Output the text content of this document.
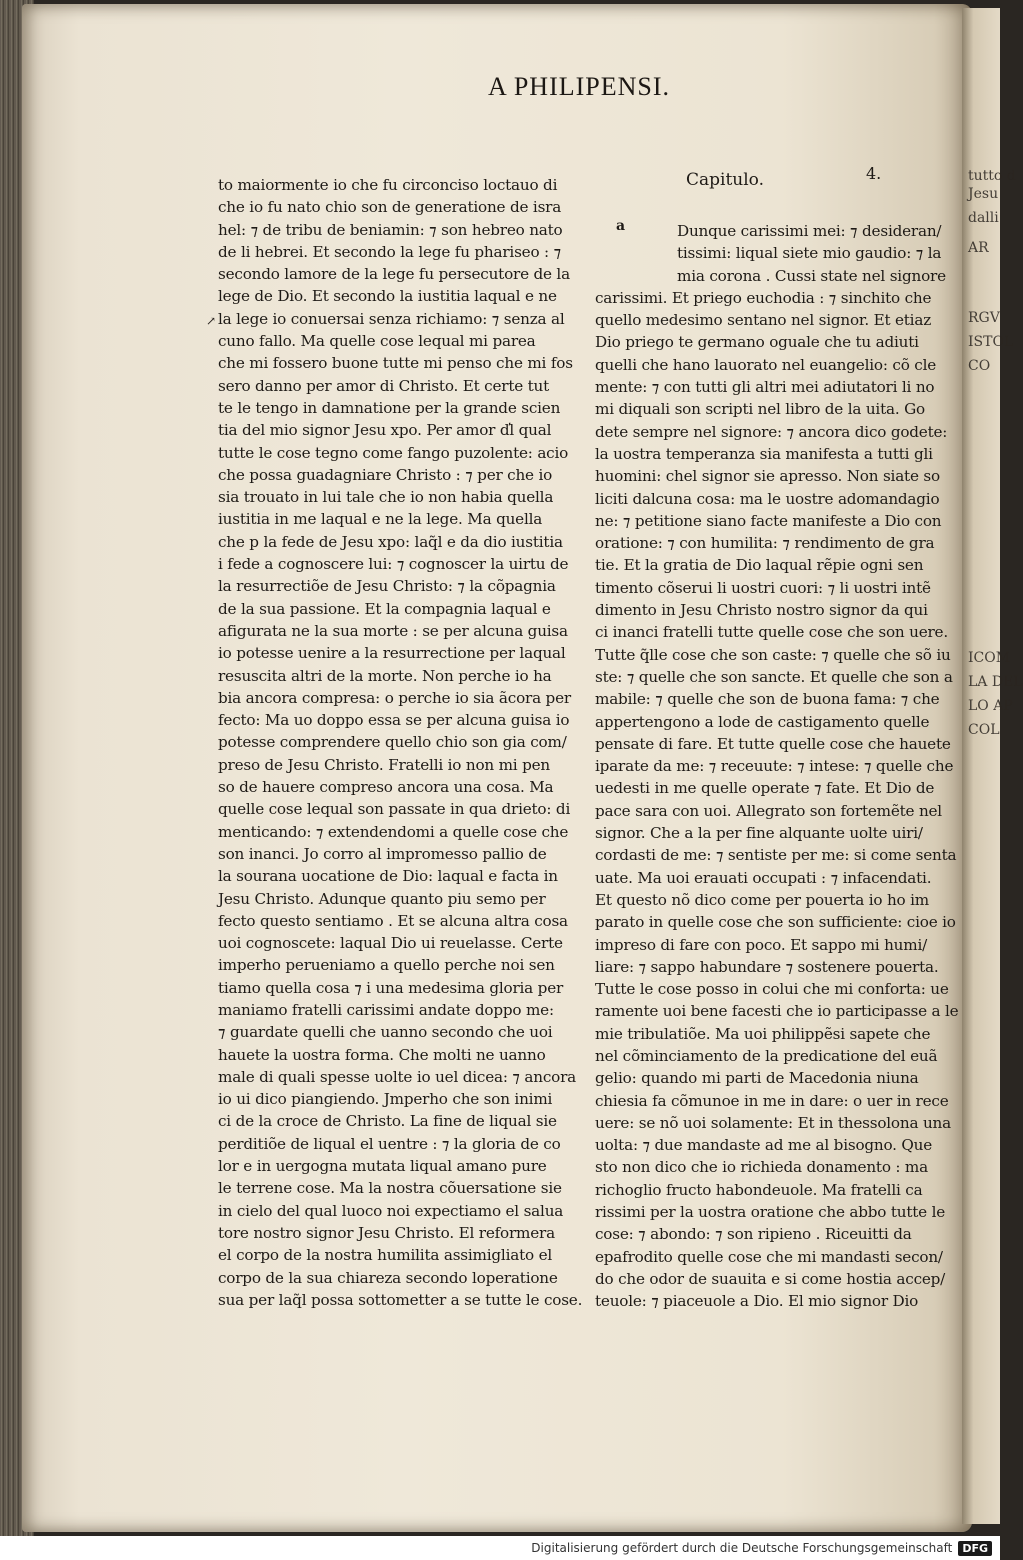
tutto d
Jesu
dalli
AR
RGV
ISTOL
CO
ICOM
LA DEL
LO AP
COL
A PHILIPENSI.
↗
to maiormente io che fu circonciso loctauo di
che io fu nato chio son de generatione de isra
hel: ⁊ de tribu de beniamin: ⁊ son hebreo nato
de li hebrei. Et secondo la lege fu phariseo : ⁊
secondo lamore de la lege fu persecutore de la
lege de Dio. Et secondo la iustitia laqual e ne
la lege io conuersai senza richiamo: ⁊ senza al
cuno fallo. Ma quelle cose lequal mi parea
che mi fossero buone tutte mi penso che mi fos
sero danno per amor di Christo. Et certe tut
te le tengo in damnatione per la grande scien
tia del mio signor Jesu xpo. Per amor d̕l qual
tutte le cose tegno come fango puzolente: acio
che possa guadagniare Christo : ⁊ per che io
sia trouato in lui tale che io non habia quella
iustitia in me laqual e ne la lege. Ma quella
che p la fede de Jesu xpo: laq̃l e da dio iustitia
i fede a cognoscere lui: ⁊ cognoscer la uirtu de
la resurrectiõe de Jesu Christo: ⁊ la cõpagnia
de la sua passione. Et la compagnia laqual e
afigurata ne la sua morte : se per alcuna guisa
io potesse uenire a la resurrectione per laqual
resuscita altri de la morte. Non perche io ha
bia ancora compresa: o perche io sia ãcora per
fecto: Ma uo doppo essa se per alcuna guisa io
potesse comprendere quello chio son gia com/
preso de Jesu Christo. Fratelli io non mi pen
so de hauere compreso ancora una cosa. Ma
quelle cose lequal son passate in qua drieto: di
menticando: ⁊ extendendomi a quelle cose che
son inanci. Jo corro al impromesso pallio de
la sourana uocatione de Dio: laqual e facta in
Jesu Christo. Adunque quanto piu semo per
fecto questo sentiamo . Et se alcuna altra cosa
uoi cognoscete: laqual Dio ui reuelasse. Certe
imperho perueniamo a quello perche noi sen
tiamo quella cosa ⁊ i una medesima gloria per
maniamo fratelli carissimi andate doppo me:
⁊ guardate quelli che uanno secondo che uoi
hauete la uostra forma. Che molti ne uanno
male di quali spesse uolte io uel dicea: ⁊ ancora
io ui dico piangiendo. Jmperho che son inimi
ci de la croce de Christo. La fine de liqual sie
perditiõe de liqual el uentre : ⁊ la gloria de co
lor e in uergogna mutata liqual amano pure
le terrene cose. Ma la nostra cõuersatione sie
in cielo del qual luoco noi expectiamo el salua
tore nostro signor Jesu Christo. El reformera
el corpo de la nostra humilita assimigliato el
corpo de la sua chiareza secondo loperatione
sua per laq̃l possa sottometter a se tutte le cose.
Capitulo.	4.
a	Dunque carissimi mei: ⁊ desideran/
tissimi: liqual siete mio gaudio: ⁊ la
mia corona . Cussi state nel signore
carissimi. Et priego euchodia : ⁊ sinchito che
quello medesimo sentano nel signor. Et etiaz
Dio priego te germano oguale che tu adiuti
quelli che hano lauorato nel euangelio: cõ cle
mente: ⁊ con tutti gli altri mei adiutatori li no
mi diquali son scripti nel libro de la uita. Go
dete sempre nel signore: ⁊ ancora dico godete:
la uostra temperanza sia manifesta a tutti gli
huomini: chel signor sie apresso. Non siate so
liciti dalcuna cosa: ma le uostre adomandagio
ne: ⁊ petitione siano facte manifeste a Dio con
oratione: ⁊ con humilita: ⁊ rendimento de gra
tie. Et la gratia de Dio laqual rẽpie ogni sen
timento cõserui li uostri cuori: ⁊ li uostri intẽ
dimento in Jesu Christo nostro signor da qui
ci inanci fratelli tutte quelle cose che son uere.
Tutte q̃lle cose che son caste: ⁊ quelle che sõ iu
ste: ⁊ quelle che son sancte. Et quelle che son a
mabile: ⁊ quelle che son de buona fama: ⁊ che
appertengono a lode de castigamento quelle
pensate di fare. Et tutte quelle cose che hauete
iparate da me: ⁊ receuute: ⁊ intese: ⁊ quelle che
uedesti in me quelle operate ⁊ fate. Et Dio de
pace sara con uoi. Allegrato son fortemẽte nel
signor. Che a la per fine alquante uolte uiri/
cordasti de me: ⁊ sentiste per me: si come senta
uate. Ma uoi erauati occupati : ⁊ infacendati.
Et questo nõ dico come per pouerta io ho im
parato in quelle cose che son sufficiente: cioe io
impreso di fare con poco. Et sappo mi humi/
liare: ⁊ sappo habundare ⁊ sostenere pouerta.
Tutte le cose posso in colui che mi conforta: ue
ramente uoi bene facesti che io participasse a le
mie tribulatiõe. Ma uoi philippẽsi sapete che
nel cõminciamento de la predicatione del euã
gelio: quando mi parti de Macedonia niuna
chiesia fa cõmunoe in me in dare: o uer in rece
uere: se nõ uoi solamente: Et in thessolona una
uolta: ⁊ due mandaste ad me al bisogno. Que
sto non dico che io richieda donamento : ma
richoglio fructo habondeuole. Ma fratelli ca
rissimi per la uostra oratione che abbo tutte le
cose: ⁊ abondo: ⁊ son ripieno . Riceuitti da
epafrodito quelle cose che mi mandasti secon/
do che odor de suauita e si come hostia accep/
teuole: ⁊ piaceuole a Dio. El mio signor Dio
Digitalisierung gefördert durch die Deutsche Forschungsgemeinschaft DFG
